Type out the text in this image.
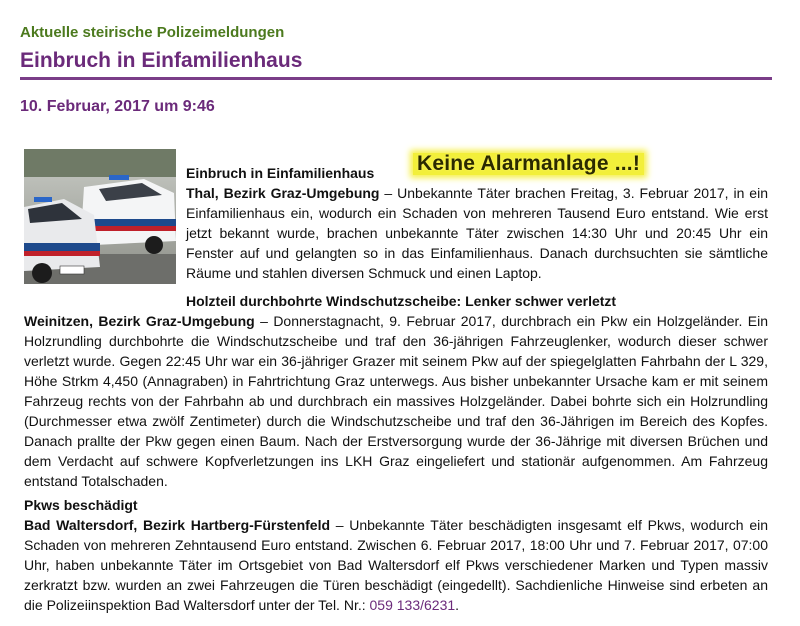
Aktuelle steirische Polizeimeldungen
Einbruch in Einfamilienhaus
10. Februar, 2017 um 9:46
Keine Alarmanlage ...!
Einbruch in Einfamilienhaus
Thal, Bezirk Graz-Umgebung – Unbekannte Täter brachen Freitag, 3. Februar 2017, in ein Einfamilienhaus ein, wodurch ein Schaden von mehreren Tausend Euro entstand. Wie erst jetzt bekannt wurde, brachen unbekannte Täter zwischen 14:30 Uhr und 20:45 Uhr ein Fenster auf und gelangten so in das Einfamilienhaus. Danach durchsuchten sie sämtliche Räume und stahlen diversen Schmuck und einen Laptop.
Holzteil durchbohrte Windschutzscheibe: Lenker schwer verletzt
Weinitzen, Bezirk Graz-Umgebung – Donnerstagnacht, 9. Februar 2017, durchbrach ein Pkw ein Holzgeländer. Ein Holzrundling durchbohrte die Windschutzscheibe und traf den 36-jährigen Fahrzeuglenker, wodurch dieser schwer verletzt wurde. Gegen 22:45 Uhr war ein 36-jähriger Grazer mit seinem Pkw auf der spiegelglatten Fahrbahn der L 329, Höhe Strkm 4,450 (Annagraben) in Fahrtrichtung Graz unterwegs. Aus bisher unbekannter Ursache kam er mit seinem Fahrzeug rechts von der Fahrbahn ab und durchbrach ein massives Holzgeländer. Dabei bohrte sich ein Holzrundling (Durchmesser etwa zwölf Zentimeter) durch die Windschutzscheibe und traf den 36-Jährigen im Bereich des Kopfes. Danach prallte der Pkw gegen einen Baum. Nach der Erstversorgung wurde der 36-Jährige mit diversen Brüchen und dem Verdacht auf schwere Kopfverletzungen ins LKH Graz eingeliefert und stationär aufgenommen. Am Fahrzeug entstand Totalschaden.
Pkws beschädigt
Bad Waltersdorf, Bezirk Hartberg-Fürstenfeld – Unbekannte Täter beschädigten insgesamt elf Pkws, wodurch ein Schaden von mehreren Zehntausend Euro entstand. Zwischen 6. Februar 2017, 18:00 Uhr und 7. Februar 2017, 07:00 Uhr, haben unbekannte Täter im Ortsgebiet von Bad Waltersdorf elf Pkws verschiedener Marken und Typen massiv zerkratzt bzw. wurden an zwei Fahrzeugen die Türen beschädigt (eingedellt). Sachdienliche Hinweise sind erbeten an die Polizeiinspektion Bad Waltersdorf unter der Tel. Nr.: 059 133/6231.
